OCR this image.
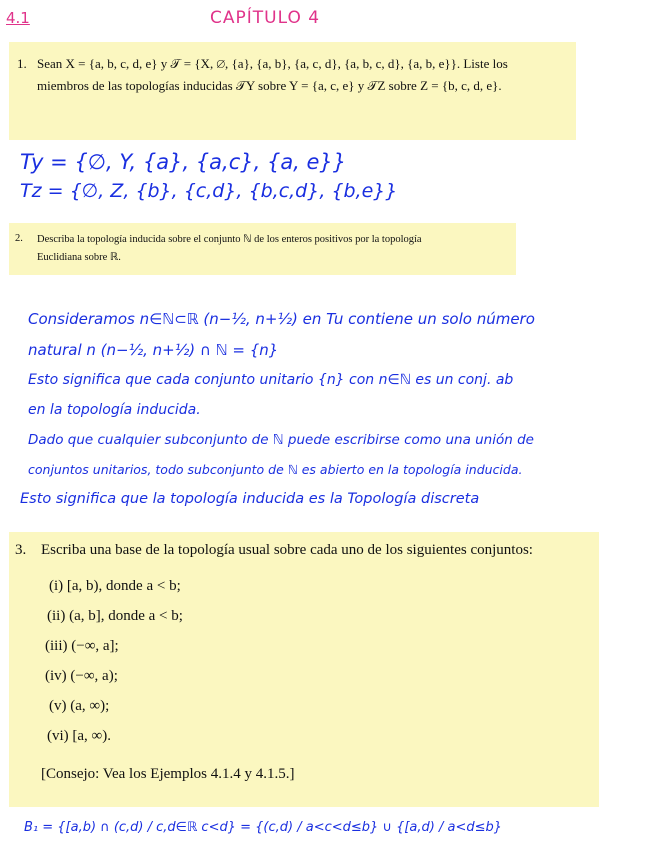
4.1	CAPÍTULO 4
1. Sean X = {a, b, c, d, e} y 𝒯 = {X, ∅, {a}, {a, b}, {a, c, d}, {a, b, c, d}, {a, b, e}}. Liste los
miembros de las topologías inducidas 𝒯Y sobre Y = {a, c, e} y 𝒯Z sobre Z = {b, c, d, e}.
Ty = {∅, Y, {a}, {a,c}, {a, e}}
Tz = {∅, Z, {b}, {c,d}, {b,c,d}, {b,e}}
2. Describa la topología inducida sobre el conjunto ℕ de los enteros positivos por la topología
Euclidiana sobre ℝ.
Consideramos n∈ℕ⊂ℝ (n−½, n+½) en Tu contiene un solo número
natural n (n−½, n+½) ∩ ℕ = {n}
Esto significa que cada conjunto unitario {n} con n∈ℕ es un conj. ab
en la topología inducida.
Dado que cualquier subconjunto de ℕ puede escribirse como una unión de
conjuntos unitarios, todo subconjunto de ℕ es abierto en la topología inducida.
Esto significa que la topología inducida es la Topología discreta
3. Escriba una base de la topología usual sobre cada uno de los siguientes conjuntos:
(i) [a, b), donde a < b;
(ii) (a, b], donde a < b;
(iii) (−∞, a];
(iv) (−∞, a);
(v) (a, ∞);
(vi) [a, ∞).
[Consejo: Vea los Ejemplos 4.1.4 y 4.1.5.]
B₁ = {[a,b) ∩ (c,d) / c,d∈ℝ c<d} = {(c,d) / a<c<d≤b} ∪ {[a,d) / a<d≤b}
